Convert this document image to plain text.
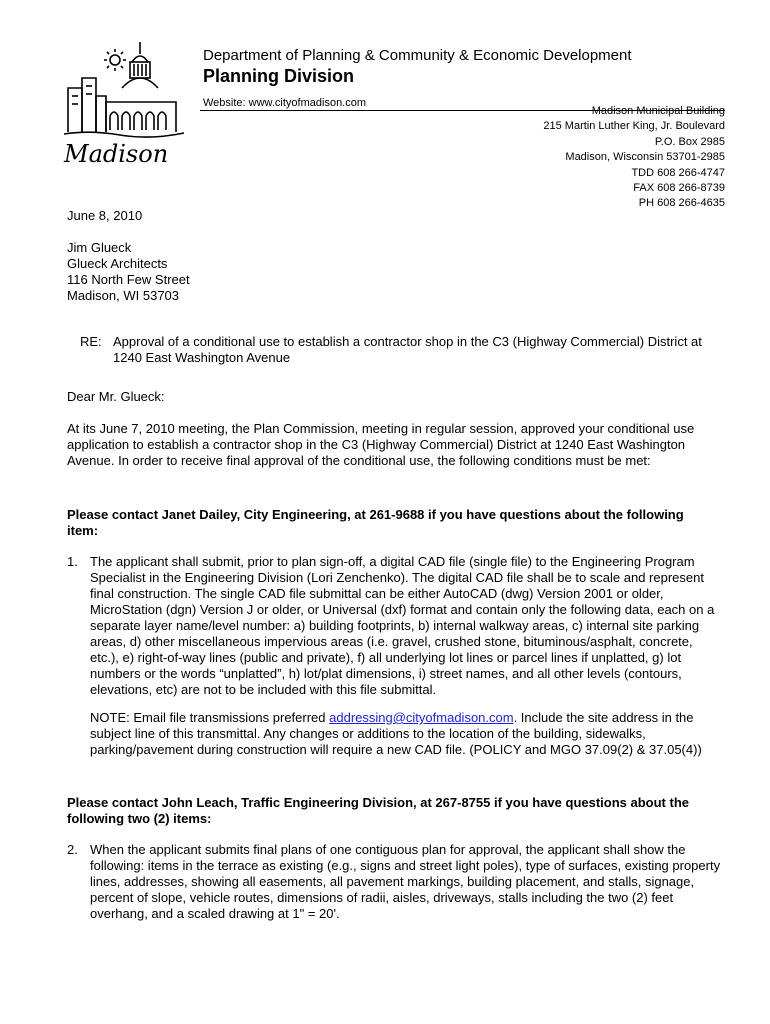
Madison
Department of Planning & Community & Economic Development
Planning Division
Website: www.cityofmadison.com
Madison Municipal Building
215 Martin Luther King, Jr. Boulevard
P.O. Box 2985
Madison, Wisconsin 53701-2985
TDD 608 266-4747
FAX 608 266-8739
PH 608 266-4635
June 8, 2010
Jim Glueck
Glueck Architects
116 North Few Street
Madison, WI 53703
RE: Approval of a conditional use to establish a contractor shop in the C3 (Highway Commercial) District at 1240 East Washington Avenue
Dear Mr. Glueck:
At its June 7, 2010 meeting, the Plan Commission, meeting in regular session, approved your conditional use application to establish a contractor shop in the C3 (Highway Commercial) District at 1240 East Washington Avenue. In order to receive final approval of the conditional use, the following conditions must be met:
Please contact Janet Dailey, City Engineering, at 261-9688 if you have questions about the following item:
1. The applicant shall submit, prior to plan sign-off, a digital CAD file (single file) to the Engineering Program Specialist in the Engineering Division (Lori Zenchenko). The digital CAD file shall be to scale and represent final construction. The single CAD file submittal can be either AutoCAD (dwg) Version 2001 or older, MicroStation (dgn) Version J or older, or Universal (dxf) format and contain only the following data, each on a separate layer name/level number: a) building footprints, b) internal walkway areas, c) internal site parking areas, d) other miscellaneous impervious areas (i.e. gravel, crushed stone, bituminous/asphalt, concrete, etc.), e) right-of-way lines (public and private), f) all underlying lot lines or parcel lines if unplatted, g) lot numbers or the words “unplatted”, h) lot/plat dimensions, i) street names, and all other levels (contours, elevations, etc) are not to be included with this file submittal.
NOTE: Email file transmissions preferred addressing@cityofmadison.com. Include the site address in the subject line of this transmittal. Any changes or additions to the location of the building, sidewalks, parking/pavement during construction will require a new CAD file. (POLICY and MGO 37.09(2) & 37.05(4))
Please contact John Leach, Traffic Engineering Division, at 267-8755 if you have questions about the following two (2) items:
2. When the applicant submits final plans of one contiguous plan for approval, the applicant shall show the following: items in the terrace as existing (e.g., signs and street light poles), type of surfaces, existing property lines, addresses, showing all easements, all pavement markings, building placement, and stalls, signage, percent of slope, vehicle routes, dimensions of radii, aisles, driveways, stalls including the two (2) feet overhang, and a scaled drawing at 1" = 20'.
